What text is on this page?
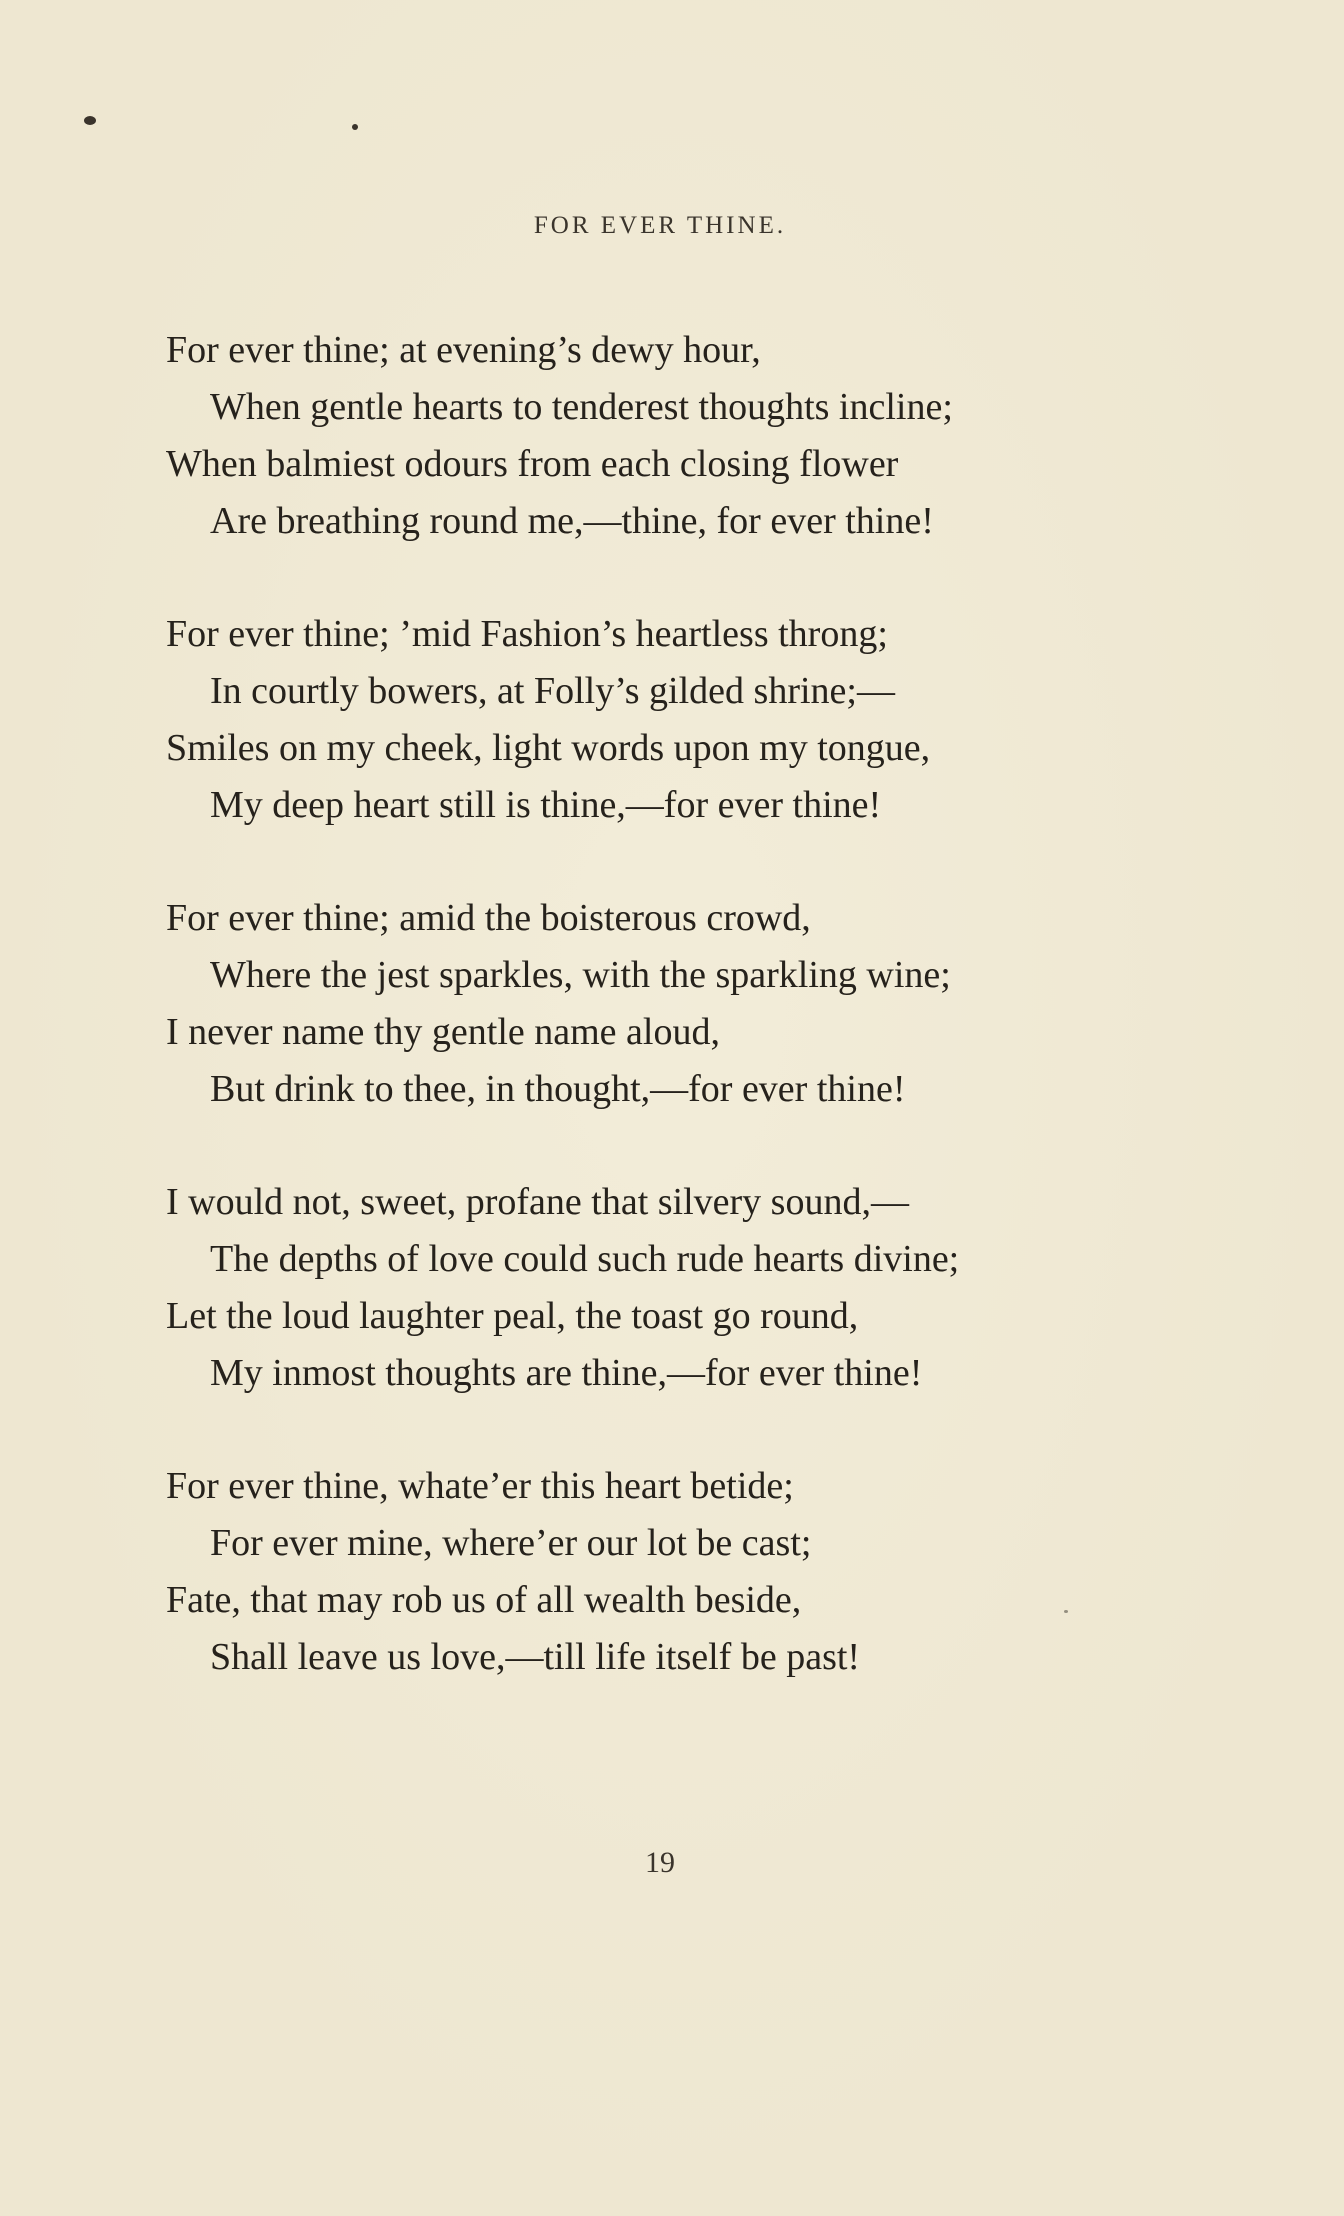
FOR EVER THINE.
For ever thine; at evening’s dewy hour,
When gentle hearts to tenderest thoughts incline;
When balmiest odours from each closing flower
Are breathing round me,—thine, for ever thine!
For ever thine; ’mid Fashion’s heartless throng;
In courtly bowers, at Folly’s gilded shrine;—
Smiles on my cheek, light words upon my tongue,
My deep heart still is thine,—for ever thine!
For ever thine; amid the boisterous crowd,
Where the jest sparkles, with the sparkling wine;
I never name thy gentle name aloud,
But drink to thee, in thought,—for ever thine!
I would not, sweet, profane that silvery sound,—
The depths of love could such rude hearts divine;
Let the loud laughter peal, the toast go round,
My inmost thoughts are thine,—for ever thine!
For ever thine, whate’er this heart betide;
For ever mine, where’er our lot be cast;
Fate, that may rob us of all wealth beside,
Shall leave us love,—till life itself be past!
19
